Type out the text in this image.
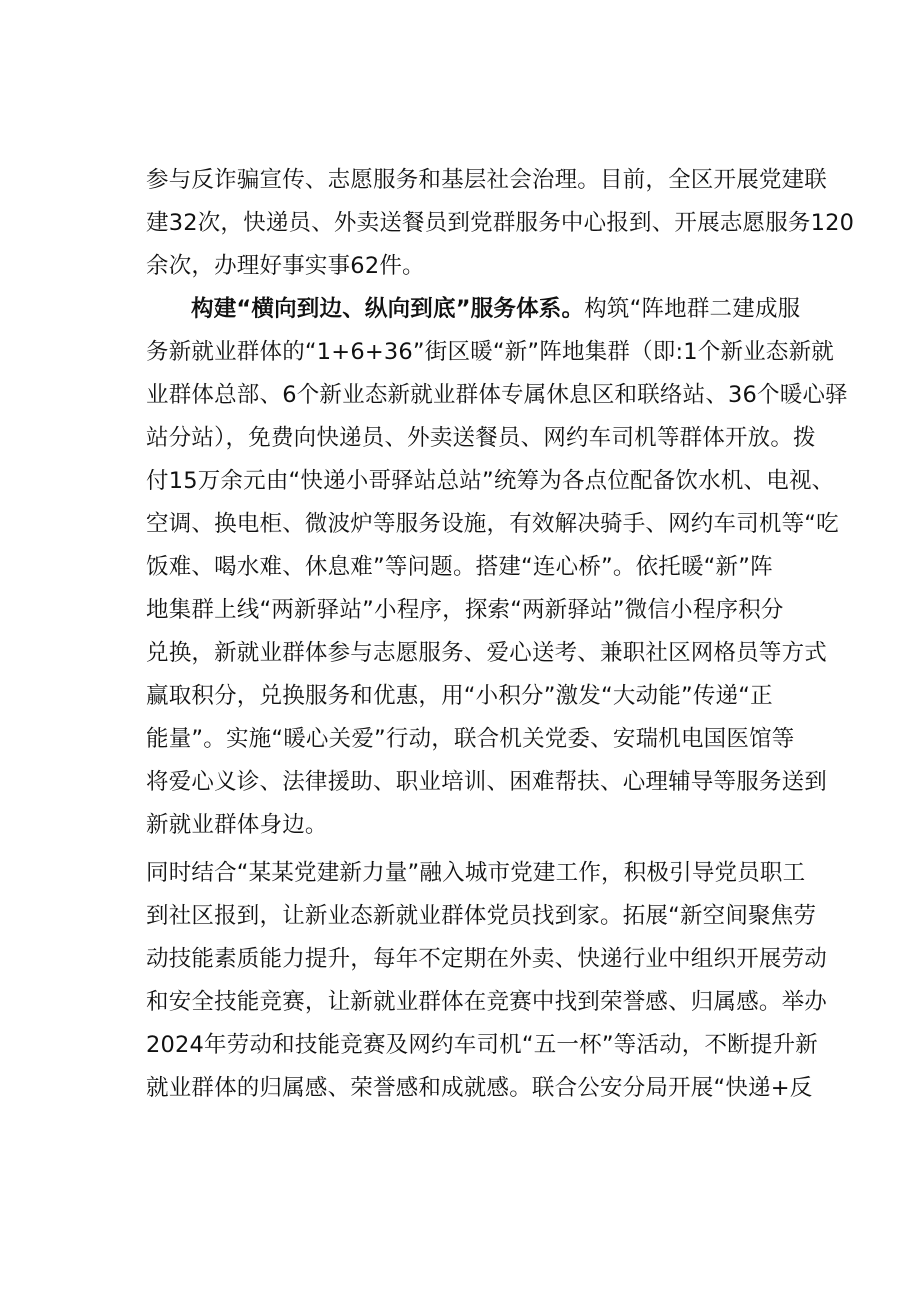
参与反诈骗宣传、志愿服务和基层社会治理。目前，全区开展党建联
建32次，快递员、外卖送餐员到党群服务中心报到、开展志愿服务120
余次，办理好事实事62件。
构建“横向到边、纵向到底”服务体系。构筑“阵地群二建成服
务新就业群体的“1+6+36”街区暖“新”阵地集群（即:1个新业态新就
业群体总部、6个新业态新就业群体专属休息区和联络站、36个暖心驿
站分站），免费向快递员、外卖送餐员、网约车司机等群体开放。拨
付15万余元由“快递小哥驿站总站”统筹为各点位配备饮水机、电视、
空调、换电柜、微波炉等服务设施，有效解决骑手、网约车司机等“吃
饭难、喝水难、休息难”等问题。搭建“连心桥”。依托暖“新”阵
地集群上线“两新驿站”小程序，探索“两新驿站”微信小程序积分
兑换，新就业群体参与志愿服务、爱心送考、兼职社区网格员等方式
赢取积分，兑换服务和优惠，用“小积分”激发“大动能”传递“正
能量”。实施“暖心关爱”行动，联合机关党委、安瑞机电国医馆等
将爱心义诊、法律援助、职业培训、困难帮扶、心理辅导等服务送到
新就业群体身边。
同时结合“某某党建新力量”融入城市党建工作，积极引导党员职工
到社区报到，让新业态新就业群体党员找到家。拓展“新空间聚焦劳
动技能素质能力提升，每年不定期在外卖、快递行业中组织开展劳动
和安全技能竞赛，让新就业群体在竞赛中找到荣誉感、归属感。举办
2024年劳动和技能竞赛及网约车司机“五一杯”等活动，不断提升新
就业群体的归属感、荣誉感和成就感。联合公安分局开展“快递+反
